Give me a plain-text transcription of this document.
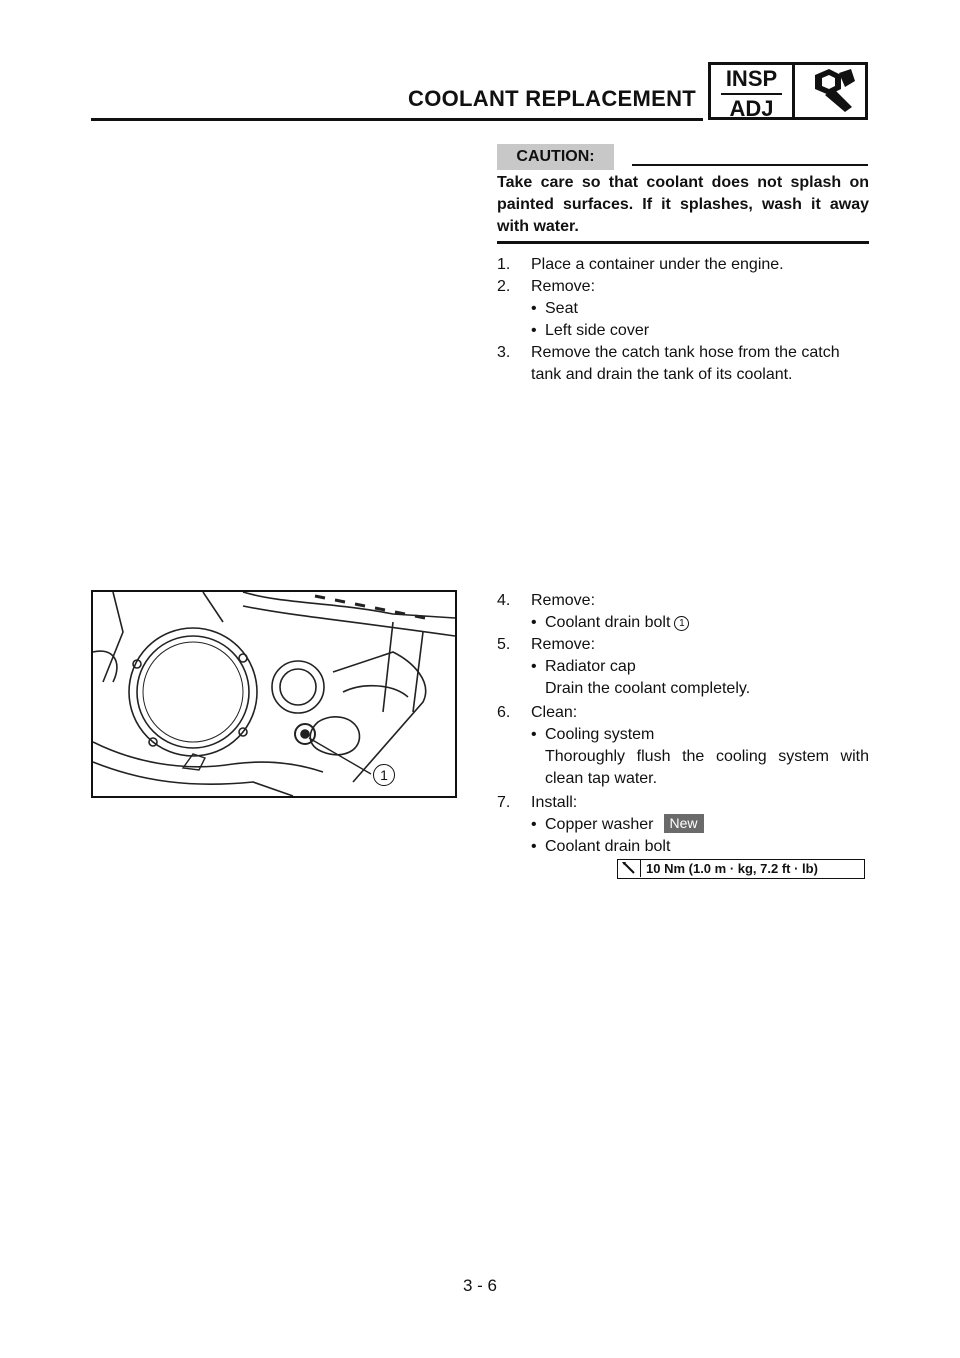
COOLANT REPLACEMENT
INSP
ADJ
CAUTION:
Take care so that coolant does not splash on painted surfaces. If it splashes, wash it away with water.
1. Place a container under the engine.
2. Remove:
• Seat
• Left side cover
3. Remove the catch tank hose from the catch
tank and drain the tank of its coolant.
1
4. Remove:
• Coolant drain bolt 1
5. Remove:
• Radiator cap
Drain the coolant completely.
6. Clean:
• Cooling system
Thoroughly flush the cooling system with
clean tap water.
7. Install:
• Copper washer New
• Coolant drain bolt
10 Nm (1.0 m · kg, 7.2 ft · lb)
3 - 6
